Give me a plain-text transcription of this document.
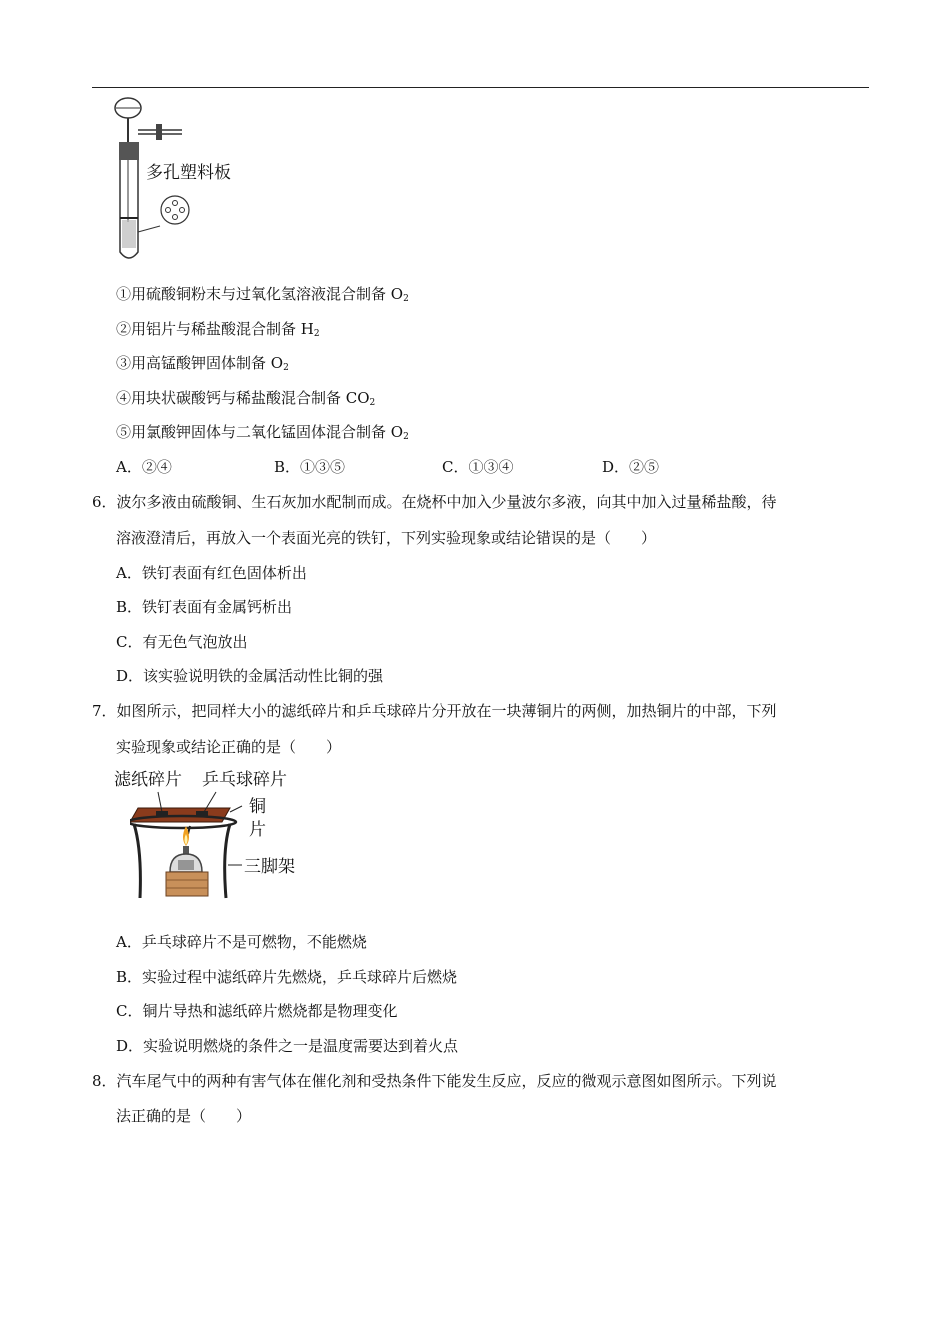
多孔塑料板
①用硫酸铜粉末与过氧化氢溶液混合制备 $O_2$
②用铝片与稀盐酸混合制备 $H_2$
③用高锰酸钾固体制备 $O_2$
④用块状碳酸钙与稀盐酸混合制备 $CO_2$
⑤用氯酸钾固体与二氧化锰固体混合制备 $O_2$
A．②④	B．①③⑤	C．①③④	D．②⑤
6．波尔多液由硫酸铜、生石灰加水配制而成。在烧杯中加入少量波尔多液，向其中加入过量稀盐酸，待
溶液澄清后，再放入一个表面光亮的铁钉，下列实验现象或结论错误的是（　　）
A．铁钉表面有红色固体析出
B．铁钉表面有金属钙析出
C．有无色气泡放出
D．该实验说明铁的金属活动性比铜的强
7．如图所示，把同样大小的滤纸碎片和乒乓球碎片分开放在一块薄铜片的两侧，加热铜片的中部，下列
实验现象或结论正确的是（　　）
滤纸碎片 乒乓球碎片
铜
片
三脚架
A．乒乓球碎片不是可燃物，不能燃烧
B．实验过程中滤纸碎片先燃烧，乒乓球碎片后燃烧
C．铜片导热和滤纸碎片燃烧都是物理变化
D．实验说明燃烧的条件之一是温度需要达到着火点
8．汽车尾气中的两种有害气体在催化剂和受热条件下能发生反应，反应的微观示意图如图所示。下列说
法正确的是（　　）
